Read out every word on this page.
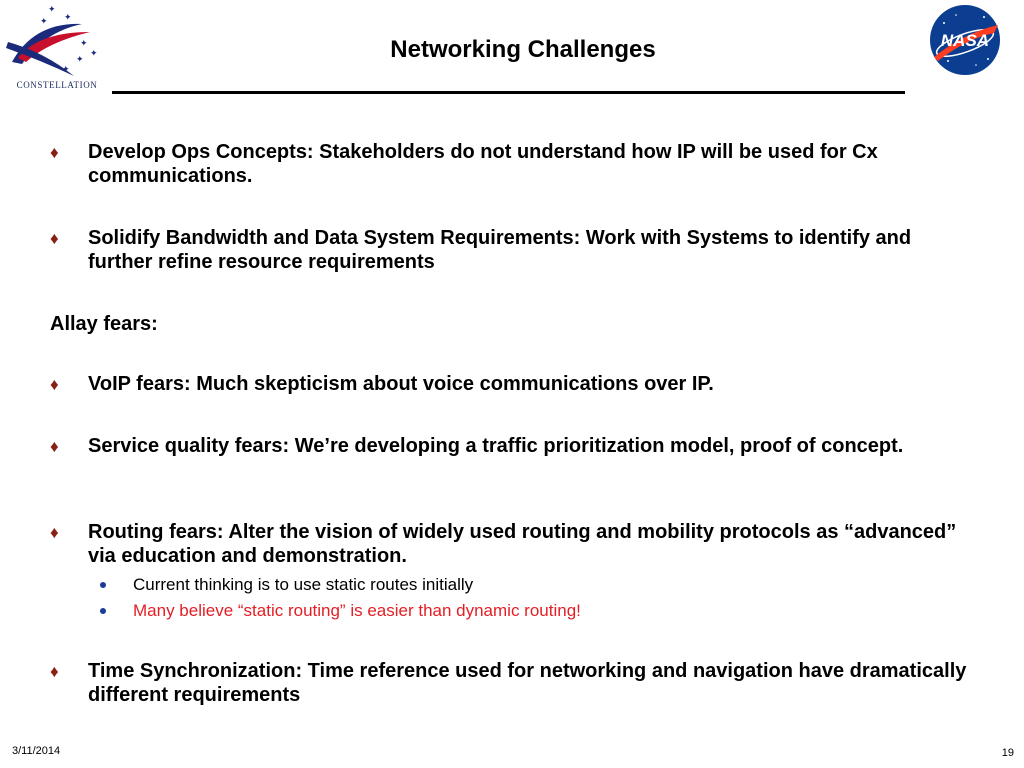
✦
✦ ✦
✦
✦
✦
✦
CONSTELLATION
Networking Challenges	NASA
♦	Develop Ops Concepts: Stakeholders do not understand how IP will be used for Cx communications.
♦	Solidify Bandwidth and Data System Requirements: Work with Systems to identify and further refine resource requirements
Allay fears:
♦	VoIP fears: Much skepticism about voice communications over IP.
♦	Service quality fears: We’re developing a traffic prioritization model, proof of concept.
♦	Routing fears: Alter the vision of widely used routing and mobility protocols as “advanced” via education and demonstration.
Current thinking is to use static routes initially
Many believe “static routing” is easier than dynamic routing!
♦	Time Synchronization: Time reference used for networking and navigation have dramatically different requirements
3/11/2014	19
